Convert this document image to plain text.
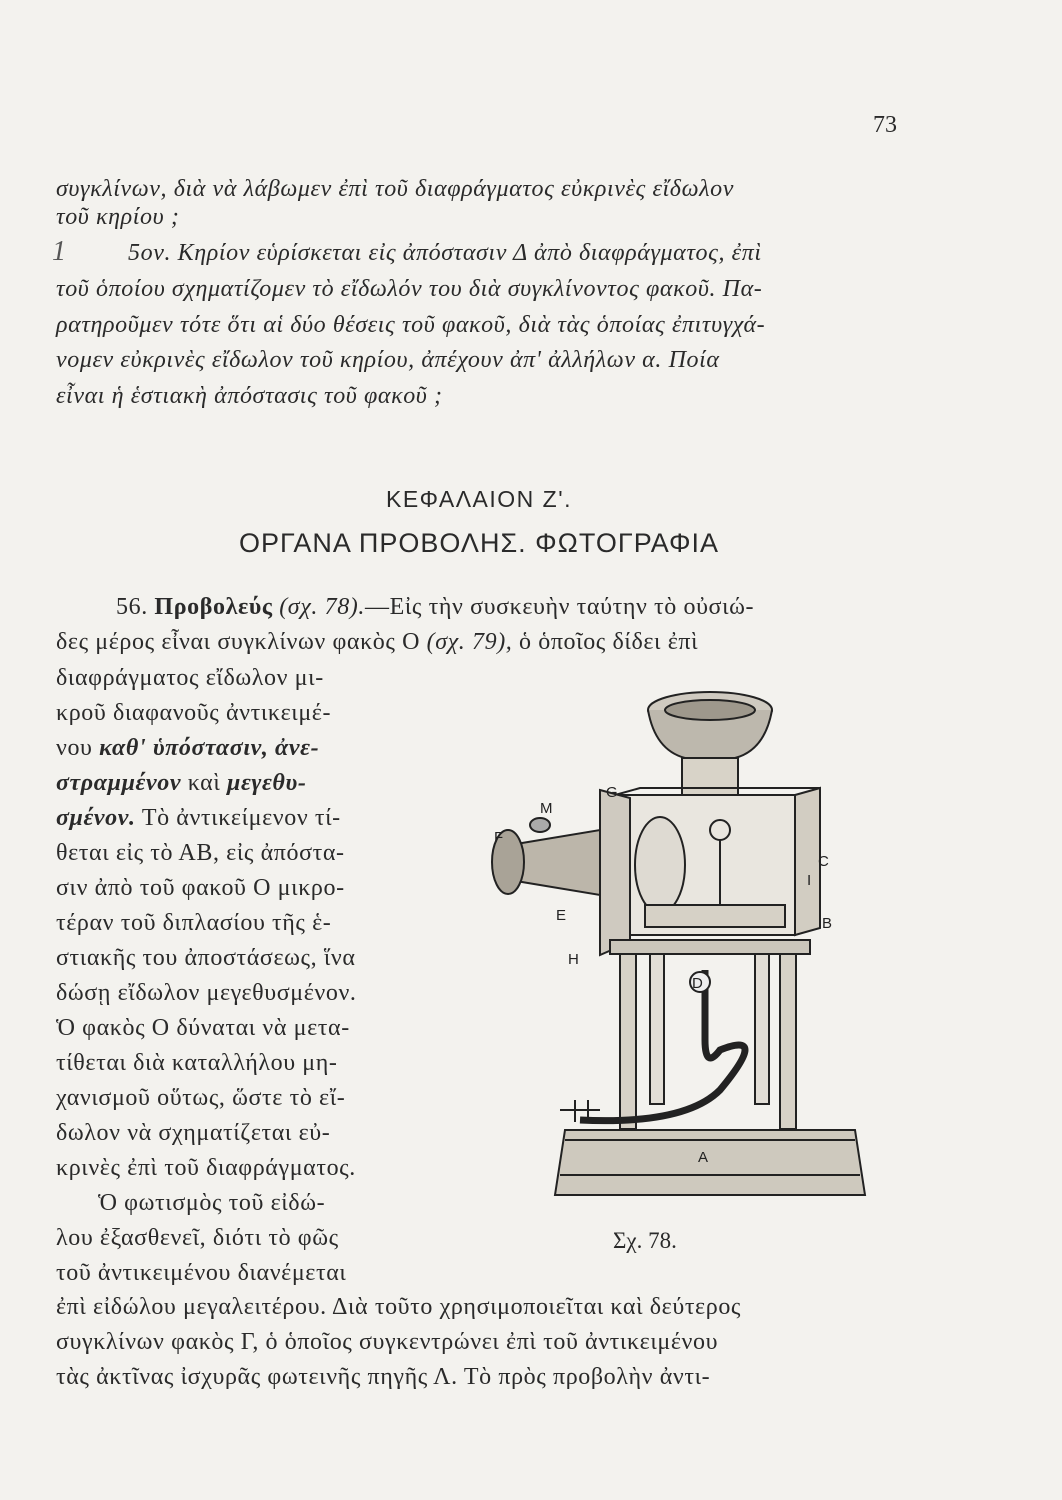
73
1
συγκλίνων, διὰ νὰ λάβωμεν ἐπὶ τοῦ διαφράγματος εὐκρινὲς εἴδωλον
τοῦ κηρίου ;
5ον. Κηρίον εὑρίσκεται εἰς ἀπόστασιν Δ ἀπὸ διαφράγματος, ἐπὶ
τοῦ ὁποίου σχηματίζομεν τὸ εἴδωλόν του διὰ συγκλίνοντος φακοῦ. Πα-
ρατηροῦμεν τότε ὅτι αἱ δύο θέσεις τοῦ φακοῦ, διὰ τὰς ὁποίας ἐπιτυγχά-
νομεν εὐκρινὲς εἴδωλον τοῦ κηρίου, ἀπέχουν ἀπ' ἀλλήλων α. Ποία
εἶναι ἡ ἑστιακὴ ἀπόστασις τοῦ φακοῦ ;
ΚΕΦΑΛΑΙΟΝ Ζ'.
ΟΡΓΑΝΑ ΠΡΟΒΟΛΗΣ. ΦΩΤΟΓΡΑΦΙΑ
56. Προβολεύς (σχ. 78).—Εἰς τὴν συσκευὴν ταύτην τὸ οὐσιώ-
δες μέρος εἶναι συγκλίνων φακὸς Ο (σχ. 79), ὁ ὁποῖος δίδει ἐπὶ
διαφράγματος εἴδωλον μι-
κροῦ διαφανοῦς ἀντικειμέ-
νου καθ' ὑπόστασιν, ἀνε-
στραμμένον καὶ μεγεθυ-
σμένον. Τὸ ἀντικείμενον τί-
θεται εἰς τὸ ΑΒ, εἰς ἀπόστα-
σιν ἀπὸ τοῦ φακοῦ Ο μικρο-
τέραν τοῦ διπλασίου τῆς ἑ-
στιακῆς του ἀποστάσεως, ἵνα
δώσῃ εἴδωλον μεγεθυσμένον.
Ὁ φακὸς Ο δύναται νὰ μετα-
τίθεται διὰ καταλλήλου μη-
χανισμοῦ οὕτως, ὥστε τὸ εἴ-
δωλον νὰ σχηματίζεται εὐ-
κρινὲς ἐπὶ τοῦ διαφράγματος.
Ὁ φωτισμὸς τοῦ εἰδώ-
λου ἐξασθενεῖ, διότι τὸ φῶς
τοῦ ἀντικειμένου διανέμεται
ἐπὶ εἰδώλου μεγαλειτέρου. Διὰ τοῦτο χρησιμοποιεῖται καὶ δεύτερος
συγκλίνων φακὸς Γ, ὁ ὁποῖος συγκεντρώνει ἐπὶ τοῦ ἀντικειμένου
τὰς ἀκτῖνας ἰσχυρᾶς φωτεινῆς πηγῆς Λ. Τὸ πρὸς προβολὴν ἀντι-
M
G
F
C
E
I
B
H
D
A
Σχ. 78.
